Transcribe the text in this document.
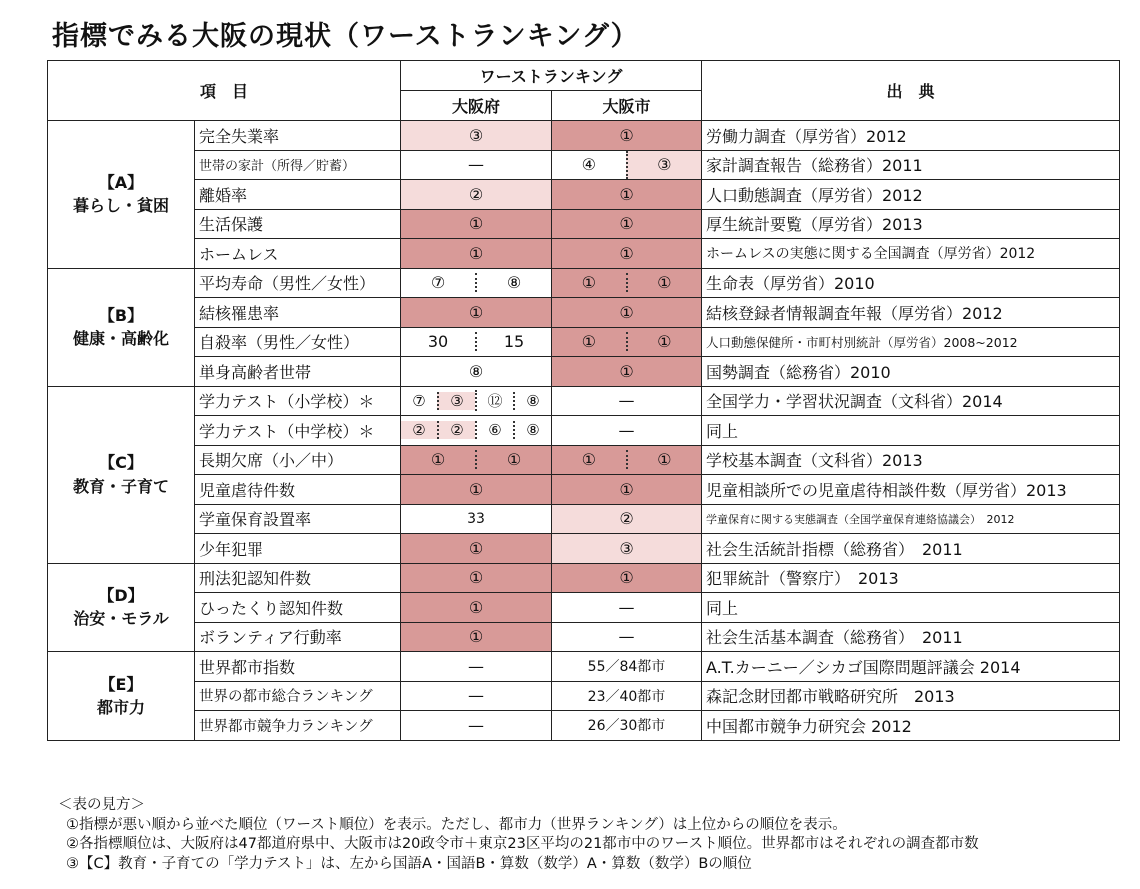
指標でみる大阪の現状（ワーストランキング）
項　目		ワーストランキング		出　典
		大阪府	大阪市	
【A】
暮らし・貧困	完全失業率	③	①	労働力調査（厚労省）2012
	世帯の家計（所得／貯蓄）	—	④ ③	家計調査報告（総務省）2011
	離婚率	②	①	人口動態調査（厚労省）2012
	生活保護	①	①	厚生統計要覧（厚労省）2013
	ホームレス	①	①	ホームレスの実態に関する全国調査（厚労省）2012
【B】
健康・高齢化	平均寿命（男性／女性）	⑦ ⑧	① ①	生命表（厚労省）2010
	結核罹患率	①	①	結核登録者情報調査年報（厚労省）2012
	自殺率（男性／女性）	30 15	① ①	人口動態保健所・市町村別統計（厚労省）2008~2012
	単身高齢者世帯	⑧	①	国勢調査（総務省）2010
【C】
教育・子育て	学力テスト（小学校）＊	⑦ ③ ⑫ ⑧	—	全国学力・学習状況調査（文科省）2014
	学力テスト（中学校）＊	② ② ⑥ ⑧	—	同上
	長期欠席（小／中）	① ①	① ①	学校基本調査（文科省）2013
	児童虐待件数	①	①	児童相談所での児童虐待相談件数（厚労省）2013
	学童保育設置率	33	②	学童保育に関する実態調査（全国学童保育連絡協議会）　2012
	少年犯罪	①	③	社会生活統計指標（総務省）　2011
【D】
治安・モラル	刑法犯認知件数	①	①	犯罪統計（警察庁）　2013
	ひったくり認知件数	①	—	同上
	ボランティア行動率	①	—	社会生活基本調査（総務省）　2011
【E】
都市力	世界都市指数	—	55／84都市	A.T.カーニー／シカゴ国際問題評議会 2014
	世界の都市総合ランキング	—	23／40都市	森記念財団都市戦略研究所　2013
	世界都市競争力ランキング	—	26／30都市	中国都市競争力研究会 2012
＜表の見方＞
①指標が悪い順から並べた順位（ワースト順位）を表示。ただし、都市力（世界ランキング）は上位からの順位を表示。
②各指標順位は、大阪府は47都道府県中、大阪市は20政令市＋東京23区平均の21都市中のワースト順位。世界都市はそれぞれの調査都市数
③【C】教育・子育ての「学力テスト」は、左から国語A・国語B・算数（数学）A・算数（数学）Bの順位
